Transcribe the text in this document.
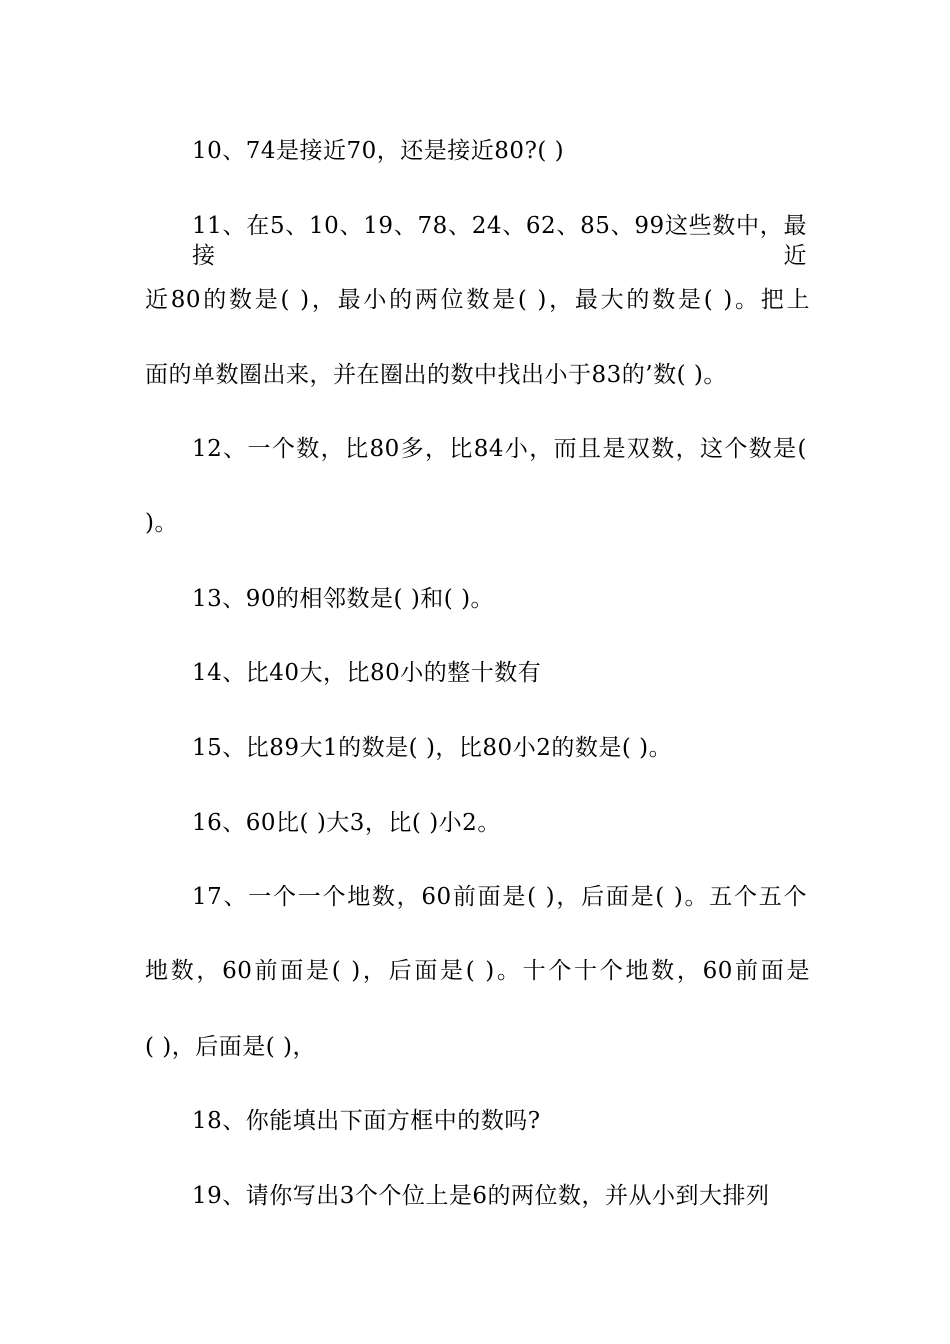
10、74是接近70，还是接近80?( )
11、在5、10、19、78、24、62、85、99这些数中，最接近
近80的数是( )，最小的两位数是( )，最大的数是( )。把上
面的单数圈出来，并在圈出的数中找出小于83的’数( )。
12、一个数，比80多，比84小，而且是双数，这个数是(
)。
13、90的相邻数是( )和( )。
14、比40大，比80小的整十数有
15、比89大1的数是( )，比80小2的数是( )。
16、60比( )大3，比( )小2。
17、一个一个地数，60前面是( )，后面是( )。五个五个
地数，60前面是( )，后面是( )。十个十个地数，60前面是
( )，后面是( )，
18、你能填出下面方框中的数吗?
19、请你写出3个个位上是6的两位数，并从小到大排列
